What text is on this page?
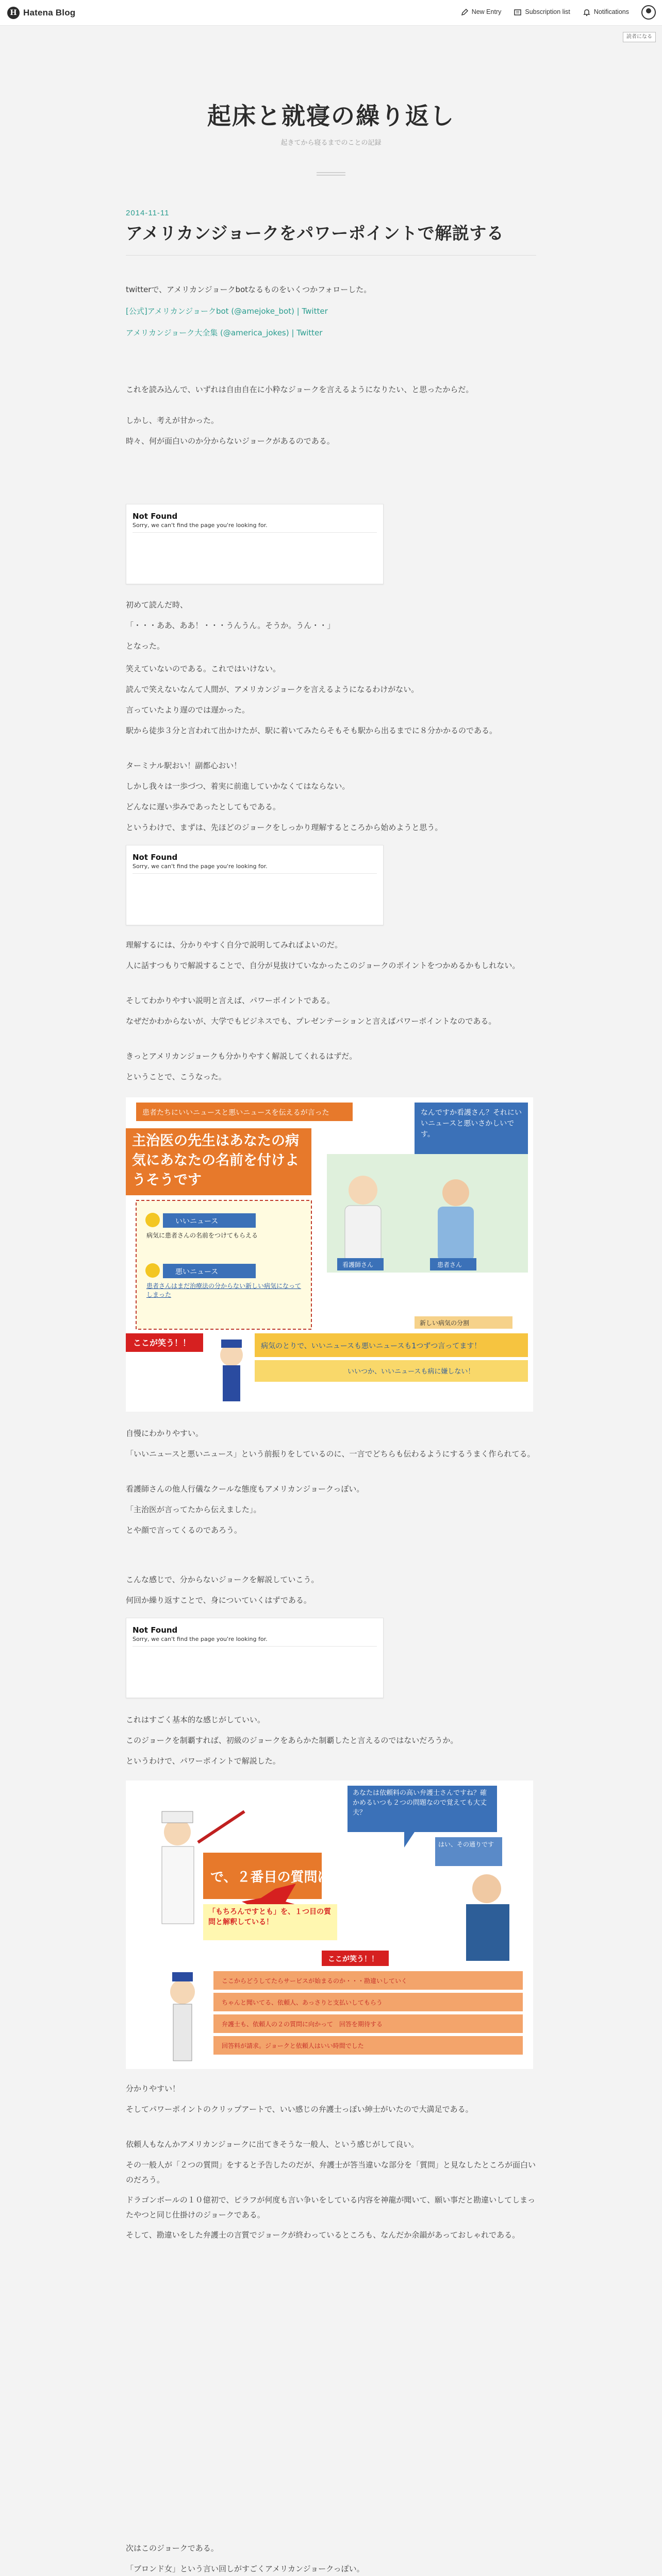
H Hatena Blog	New Entry	Subscription list	Notifications
読者になる
起床と就寝の繰り返し
起きてから寝るまでのことの記録
2014-11-11
アメリカンジョークをパワーポイントで解説する
twitterで、アメリカンジョークbotなるものをいくつかフォローした。
[公式]アメリカンジョークbot (@amejoke_bot) | Twitter
アメリカンジョーク大全集 (@america_jokes) | Twitter
これを読み込んで、いずれは自由自在に小粋なジョークを言えるようになりたい、と思ったからだ。
しかし、考えが甘かった。
時々、何が面白いのか分からないジョークがあるのである。
Not Found
Sorry, we can't find the page you're looking for.
初めて読んだ時、
「・・・ああ、ああ！・・・うんうん。そうか。うん・・」
となった。
笑えていないのである。これではいけない。
読んで笑えないなんて人間が、アメリカンジョークを言えるようになるわけがない。
言っていたより遅のでは遅かった。
駅から徒歩３分と言われて出かけたが、駅に着いてみたらそもそも駅から出るまでに８分かかるのである。
ターミナル駅おい！副都心おい！
しかし我々は一歩づつ、着実に前進していかなくてはならない。
どんなに遅い歩みであったとしてもである。
というわけで、まずは、先ほどのジョークをしっかり理解するところから始めようと思う。
Not Found
Sorry, we can't find the page you're looking for.
理解するには、分かりやすく自分で説明してみればよいのだ。
人に話すつもりで解説することで、自分が見抜けていなかったこのジョークのポイントをつかめるかもしれない。
そしてわかりやすい説明と言えば、パワーポイントである。
なぜだかわからないが、大学でもビジネスでも、プレゼンテーションと言えばパワーポイントなのである。
きっとアメリカンジョークも分かりやすく解説してくれるはずだ。
ということで、こうなった。
患者たちにいいニュースと悪いニュースを伝えるが言った
主治医の先生はあなたの病気にあなたの名前を付けようそうです
なんですか看護さん？それにいいニュースと悪いさかしいです。
看護師さん	患者さん
いいニュース
病気に患者さんの名前をつけてもらえる
悪いニュース
患者さんはまだ治療法の分からない新しい病気になってしまった
ここが笑う！！
新しい病気の分割
病気のとりで、いいニュースも悪いニュースも1つずつ言ってます！
いいつか、いいニュースも病に嫌しない！
自慢にわかりやすい。
「いいニュースと悪いニュース」という前振りをしているのに、一言でどちらも伝わるようにするうまく作られてる。
看護師さんの他人行儀なクールな態度もアメリカンジョークっぽい。
「主治医が言ってたから伝えました」。
とや顔で言ってくるのであろう。
こんな感じで、分からないジョークを解説していこう。
何回か繰り返すことで、身についていくはずである。
Not Found
Sorry, we can't find the page you're looking for.
これはすごく基本的な感じがしていい。
このジョークを制覇すれば、初級のジョークをあらかた制覇したと言えるのではないだろうか。
というわけで、パワーポイントで解説した。
あなたは依頼料の高い弁護士さんですね？確かめるいつも２つの問題なので覚えても大丈夫？
はい、その通りです
で、２番目の質問は何ですか？
「もちろんですとも」を、１つ目の質問と解釈している！
ここが笑う！！
ここからどうしてたらサービスが始まるのか・・・勘違いしていく
ちゃんと聞いてる、依頼人、あっさりと支払いしてもらう
弁護士も、依頼人の２の質問に向かって　回答を期待する
回答料が請求。ジョークと依頼人はいい時間でした
分かりやすい！
そしてパワーポイントのクリップアートで、いい感じの弁護士っぽい紳士がいたので大満足である。
依頼人もなんかアメリカンジョークに出てきそうな一般人、という感じがして良い。
その一般人が「２つの質問」をすると予告したのだが、弁護士が答当違いな部分を「質問」と見なしたところが面白いのだろう。
ドラゴンボールの１０億初で、ピラフが何度も言い争いをしている内容を神龍が聞いて、願い事だと勘違いしてしまったやつと同じ仕掛けのジョークである。
そして、勘違いをした弁護士の言質でジョークが終わっているところも、なんだか余韻があっておしゃれである。
次はこのジョークである。
「ブロンド女」という言い回しがすごくアメリカンジョークっぽい。
